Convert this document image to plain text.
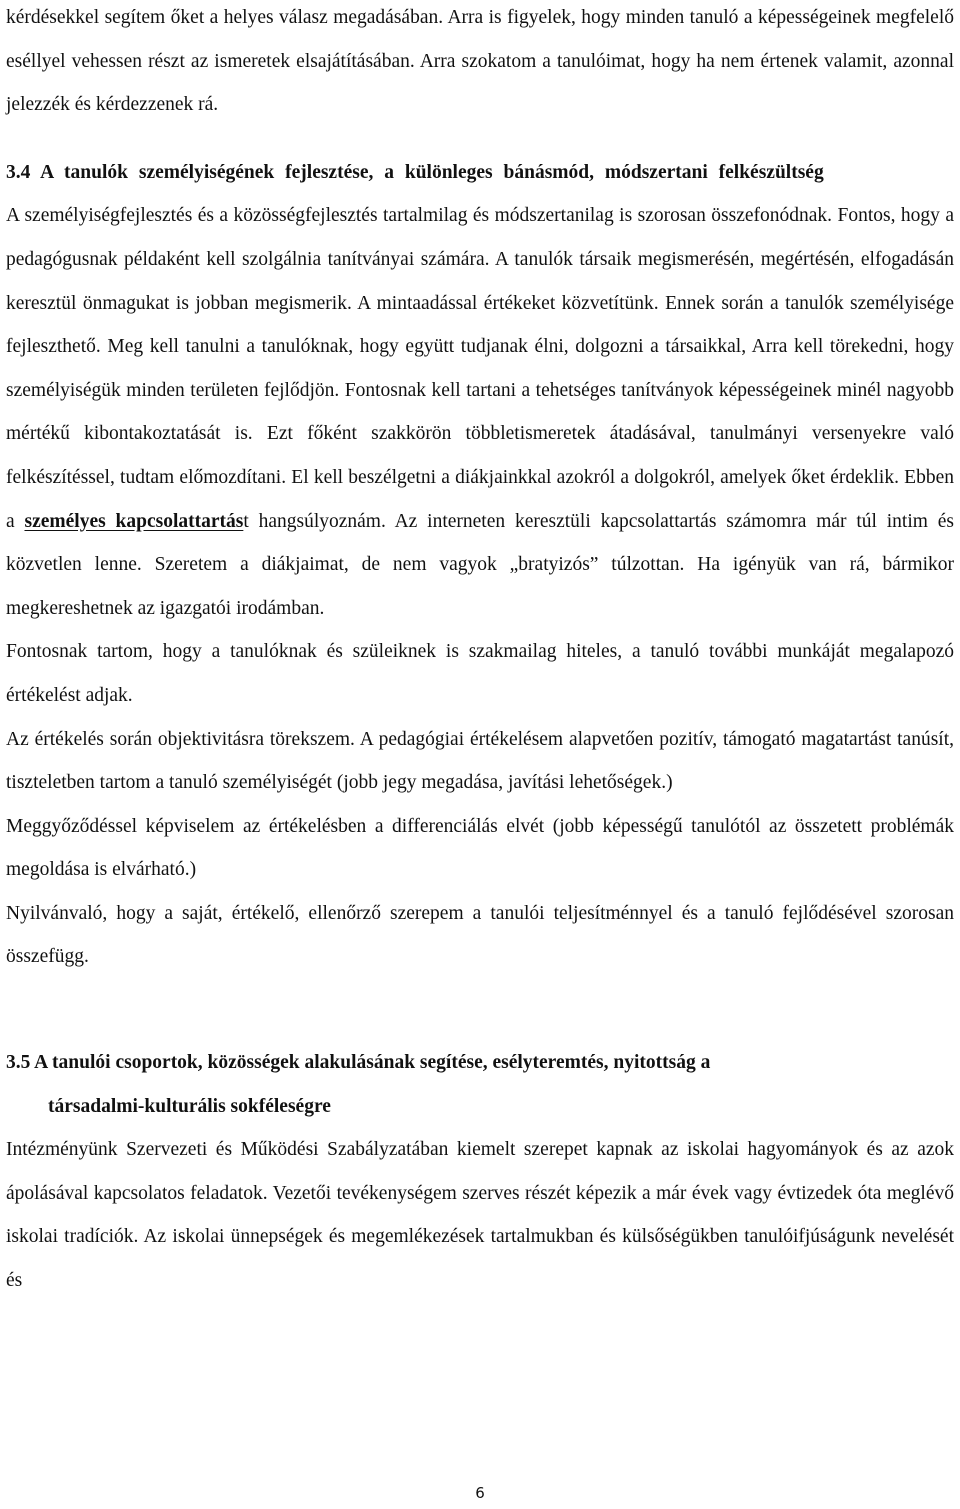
kérdésekkel segítem őket a helyes válasz megadásában. Arra is figyelek, hogy minden tanuló a képességeinek megfelelő eséllyel vehessen részt az ismeretek elsajátításában. Arra szokatom a tanulóimat, hogy ha nem értenek valamit, azonnal jelezzék és kérdezzenek rá.

3.4 A tanulók személyiségének fejlesztése, a különleges bánásmód, módszertani felkészültség

A személyiségfejlesztés és a közösségfejlesztés tartalmilag és módszertanilag is szorosan összefonódnak. Fontos, hogy a pedagógusnak példaként kell szolgálnia tanítványai számára. A tanulók társaik megismerésén, megértésén, elfogadásán keresztül önmagukat is jobban megismerik. A mintaadással értékeket közvetítünk. Ennek során a tanulók személyisége fejleszthető. Meg kell tanulni a tanulóknak, hogy együtt tudjanak élni, dolgozni a társaikkal, Arra kell törekedni, hogy személyiségük minden területen fejlődjön. Fontosnak kell tartani a tehetséges tanítványok képességeinek minél nagyobb mértékű kibontakoztatását is. Ezt főként szakkörön többletismeretek átadásával, tanulmányi versenyekre való felkészítéssel, tudtam előmozdítani. El kell beszélgetni a diákjainkkal azokról a dolgokról, amelyek őket érdeklik. Ebben a személyes kapcsolattartást hangsúlyoznám. Az interneten keresztüli kapcsolattartás számomra már túl intim és közvetlen lenne. Szeretem a diákjaimat, de nem vagyok „bratyizós” túlzottan. Ha igényük van rá, bármikor megkereshetnek az igazgatói irodámban.

Fontosnak tartom, hogy a tanulóknak és szüleiknek is szakmailag hiteles, a tanuló további munkáját megalapozó értékelést adjak.

Az értékelés során objektivitásra törekszem. A pedagógiai értékelésem alapvetően pozitív, támogató magatartást tanúsít, tiszteletben tartom a tanuló személyiségét (jobb jegy megadása, javítási lehetőségek.)

Meggyőződéssel képviselem az értékelésben a differenciálás elvét (jobb képességű tanulótól az összetett problémák megoldása is elvárható.)

Nyilvánvaló, hogy a saját, értékelő, ellenőrző szerepem a tanulói teljesítménnyel és a tanuló fejlődésével szorosan összefügg.

3.5 A tanulói csoportok, közösségek alakulásának segítése, esélyteremtés, nyitottság a
társadalmi-kulturális sokféleségre

Intézményünk Szervezeti és Működési Szabályzatában kiemelt szerepet kapnak az iskolai hagyományok és az azok ápolásával kapcsolatos feladatok. Vezetői tevékenységem szerves részét képezik a már évek vagy évtizedek óta meglévő iskolai tradíciók. Az iskolai ünnepségek és megemlékezések tartalmukban és külsőségükben tanulóifjúságunk nevelését és

6
